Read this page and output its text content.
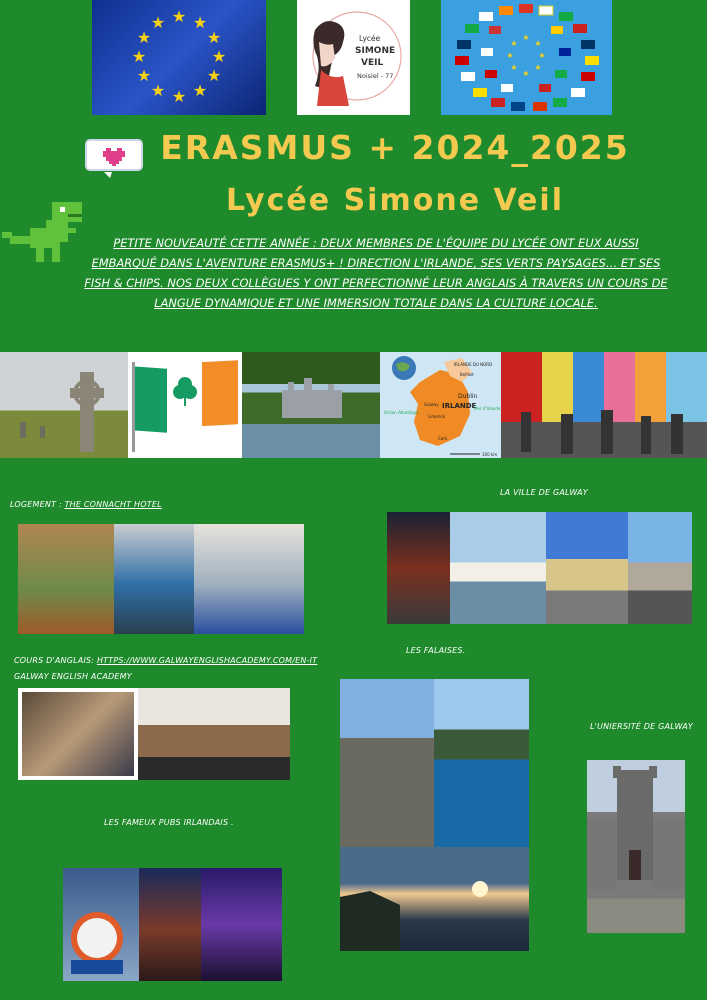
★ ★
★
★
★
★
★
★
★
★
★
★
Lycée
SIMONE
VEIL
Noisiel - 77
★
★
★
★
★
★
★
★
ERASMUS + 2024_2025
Lycée Simone Veil
PETITE NOUVEAUTÉ CETTE ANNÉE : DEUX MEMBRES DE L'ÉQUIPE DU LYCÉE ONT EUX AUSSI EMBARQUÉ DANS L'AVENTURE ERASMUS+ ! DIRECTION L'IRLANDE, SES VERTS PAYSAGES… ET SES FISH & CHIPS. NOS DEUX COLLÈGUES Y ONT PERFECTIONNÉ LEUR ANGLAIS À TRAVERS UN COURS DE LANGUE DYNAMIQUE ET UNE IMMERSION TOTALE DANS LA CULTURE LOCALE.
IRLANDE
Dublin
IRLANDE DU NORD
Galway
Limerick
Cork
Belfast
Océan Atlantique
Mer d'Irlande
100 km
LOGEMENT : THE CONNACHT HOTEL
LA VILLE DE GALWAY
COURS D'ANGLAIS: HTTPS://WWW.GALWAYENGLISHACADEMY.COM/EN-IT
GALWAY ENGLISH ACADEMY
LES FALAISES.
L'UNIERSITÉ DE GALWAY
LES FAMEUX PUBS IRLANDAIS .
